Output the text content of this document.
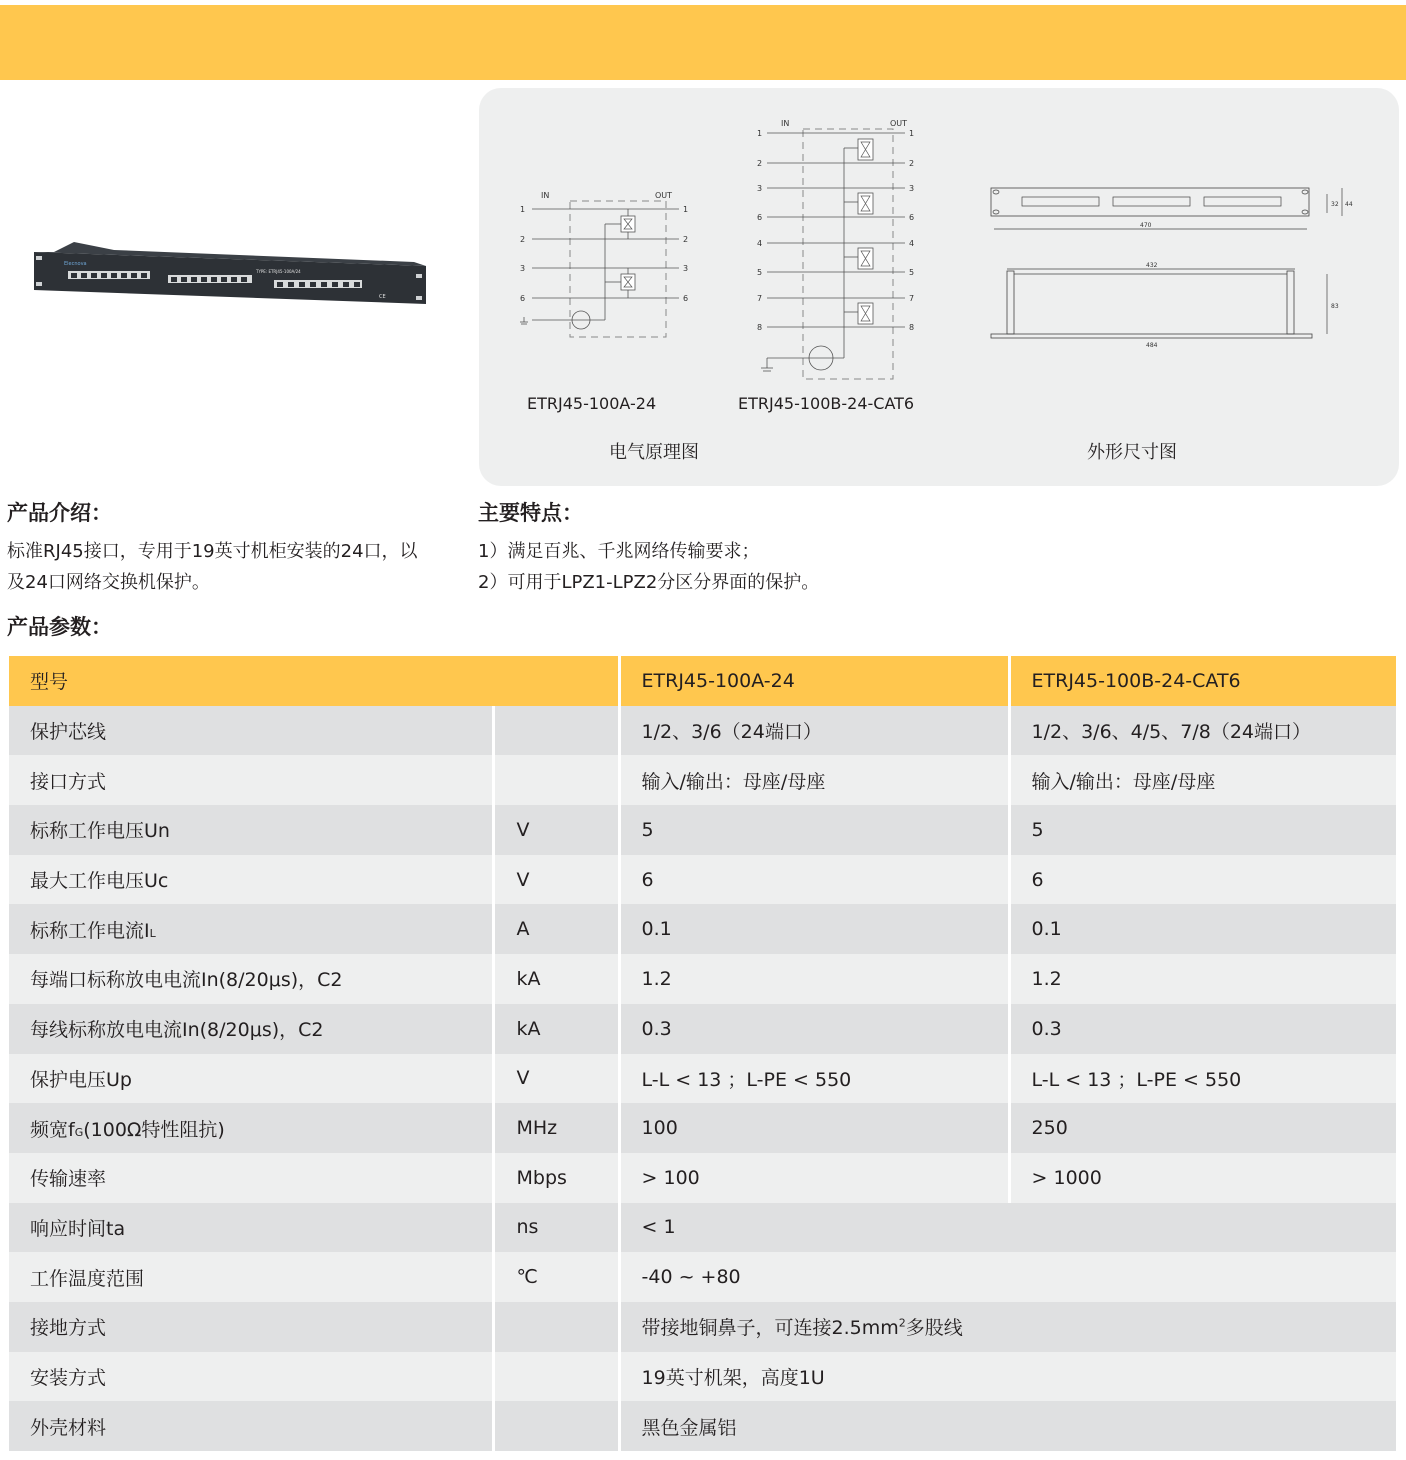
Elecnova
TYPE: ETRJ45-100A/24
CE
IN	OUT
1	1
2	2
3	3
6	6
IN	OUT
1	1
2	2
3	3
6	6
4	4
5	5
7	7
8	8
470
32 44
432
484
83
ETRJ45-100A-24	ETRJ45-100B-24-CAT6
电气原理图	外形尺寸图
产品介绍：
标准RJ45接口，专用于19英寸机柜安装的24口，以及24口网络交换机保护。
主要特点：
1）满足百兆、千兆网络传输要求；
2）可用于LPZ1-LPZ2分区分界面的保护。
产品参数：
型号		ETRJ45-100A-24	ETRJ45-100B-24-CAT6
保护芯线		1/2、3/6（24端口）	1/2、3/6、4/5、7/8（24端口）
接口方式		输入/输出：母座/母座	输入/输出：母座/母座
标称工作电压Un	V	5	5
最大工作电压Uc	V	6	6
标称工作电流IL	A	0.1	0.1
每端口标称放电电流In(8/20μs)，C2	kA	1.2	1.2
每线标称放电电流In(8/20μs)，C2	kA	0.3	0.3
保护电压Up	V	L-L < 13 ；L-PE < 550	L-L < 13 ；L-PE < 550
频宽fG(100Ω特性阻抗)	MHz	100	250
传输速率	Mbps	> 100	> 1000
响应时间ta	ns	< 1	
工作温度范围	℃	-40 ~ +80	
接地方式		带接地铜鼻子，可连接$2.5mm^2$多股线	
安装方式		19英寸机架，高度1U	
外壳材料		黑色金属铝	
